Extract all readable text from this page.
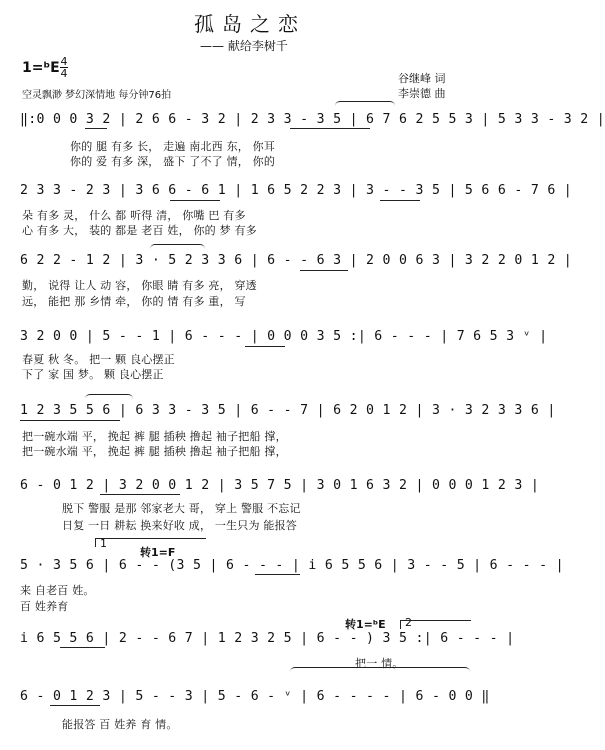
孤岛之恋
—— 献给李树千
1=ᵇE 4
4
空灵飘渺 梦幻深情地 每分钟76拍
谷继峰 词
李崇德 曲
‖:0 0 0 3 2 | 2 6 6 - 3 2 | 2 3 3 - 3 5 | 6 7 6 2 5 5 3 | 5 3 3 - 3 2 |
你的 腿 有多 长， 走遍 南北西 东， 你耳
你的 爱 有多 深， 盛下 了不了 情， 你的
2 3 3 - 2 3 | 3 6 6 - 6 1 | 1 6 5 2 2 3 | 3 - - 3 5 | 5 6 6 - 7 6 |
朵 有多 灵， 什么 都 听得 清， 你嘴 巴 有多
心 有多 大， 装的 都是 老百 姓， 你的 梦 有多
6 2 2 - 1 2 | 3 · 5 2 3 3 6 | 6 - - 6 3 | 2 0 0 6 3 | 3 2 2 0 1 2 |
勤， 说得 让人 动 容， 你眼 睛 有多 亮， 穿透
远， 能把 那 乡情 牵， 你的 情 有多 重， 写
3 2 0 0 | 5 - - 1 | 6 - - - | 0 0 0 3 5 :| 6 - - - | 7 6 5 3 ᵛ |
春夏 秋 冬。 把一 颗 良心摆正
下了 家 国 梦。 颗 良心摆正
1 2 3 5 5 6 | 6 3 3 - 3 5 | 6 - - 7 | 6 2 0 1 2 | 3 · 3 2 3 3 6 |
把一碗水端 平， 挽起 裤 腿 插秧 撸起 袖子把船 撑，
把一碗水端 平， 挽起 裤 腿 插秧 撸起 袖子把船 撑，
6 - 0 1 2 | 3 2 0 0 1 2 | 3 5 7 5 | 3 0 1 6 3 2 | 0 0 0 1 2 3 |
脱下 警服 是那 邻家老大 哥， 穿上 警服 不忘记
日复 一日 耕耘 换来好收 成， 一生只为 能报答
1
转1=F
5 · 3 5 6 | 6 - - (3 5 | 6 - - - | i 6 5 5 6 | 3 - - 5 | 6 - - - |
来 自老百 姓。
百 姓养育
转1=ᵇE 2
i 6 5 5 6 | 2 - - 6 7 | 1 2 3 2 5 | 6 - - ) 3 5 :| 6 - - - |
把一 情。
6 - 0 1 2 3 | 5 - - 3 | 5 - 6 - ᵛ | 6 - - - - | 6 - 0 0 ‖
能报答 百 姓养 育 情。
